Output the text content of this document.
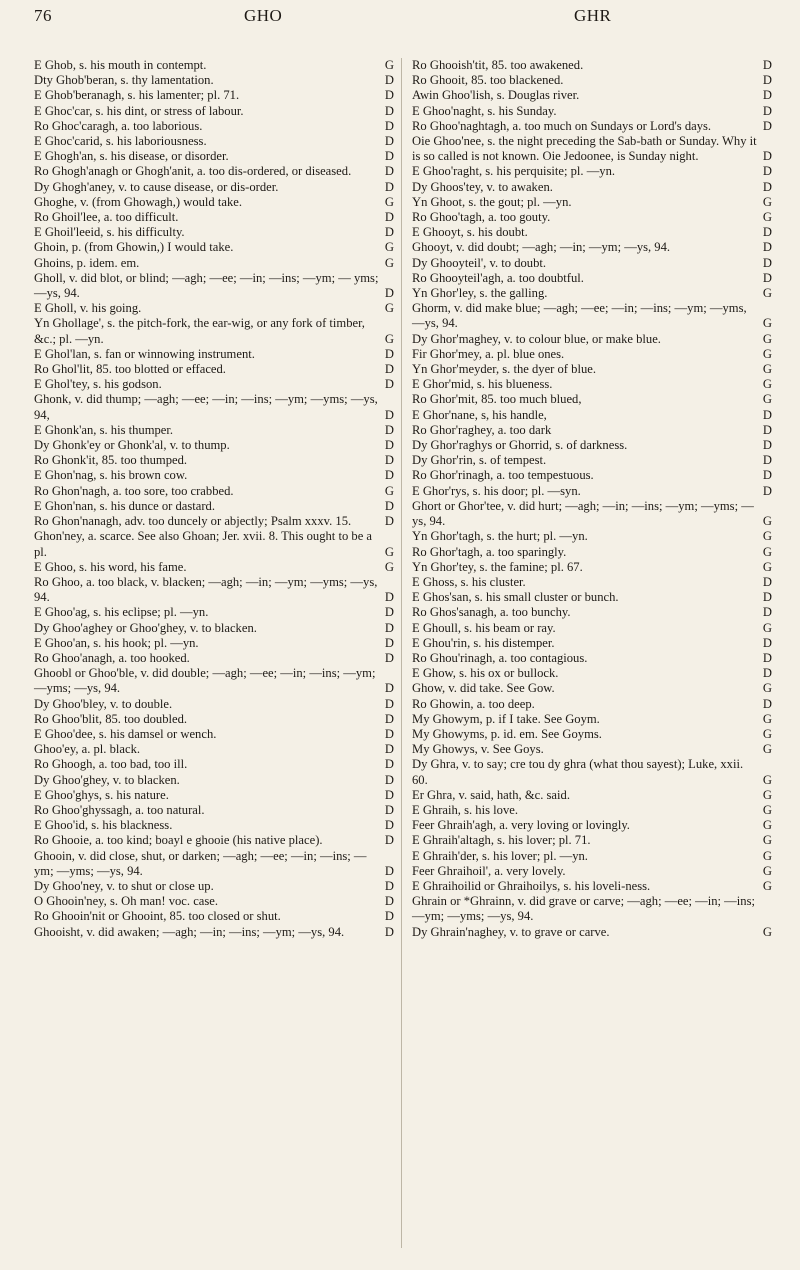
76	GHO	GHR
E Ghob, s. his mouth in contempt.	G
Dty Ghob'beran, s. thy lamentation.	D
E Ghob'beranagh, s. his lamenter; pl. 71.	D
E Ghoc'car, s. his dint, or stress of labour.	D
Ro Ghoc'caragh, a. too laborious.	D
E Ghoc'carid, s. his laboriousness.	D
E Ghogh'an, s. his disease, or disorder.	D
Ro Ghogh'anagh or Ghogh'anit, a. too dis-ordered, or diseased.	D
Dy Ghogh'aney, v. to cause disease, or dis-order.	D
Ghoghe, v. (from Ghowagh,) would take.	G
Ro Ghoil'lee, a. too difficult.	D
E Ghoil'leeid, s. his difficulty.	D
Ghoin, p. (from Ghowin,) I would take.	G
Ghoins, p. idem. em.	G
Gholl, v. did blot, or blind; —agh; —ee; —in; —ins; —ym; — yms; —ys, 94.	D
E Gholl, v. his going.	G
Yn Ghollage', s. the pitch-fork, the ear-wig, or any fork of timber, &c.; pl. —yn.	G
E Ghol'lan, s. fan or winnowing instrument.	D
Ro Ghol'lit, 85. too blotted or effaced.	D
E Ghol'tey, s. his godson.	D
Ghonk, v. did thump; —agh; —ee; —in; —ins; —ym; —yms; —ys, 94,	D
E Ghonk'an, s. his thumper.	D
Dy Ghonk'ey or Ghonk'al, v. to thump.	D
Ro Ghonk'it, 85. too thumped.	D
E Ghon'nag, s. his brown cow.	D
Ro Ghon'nagh, a. too sore, too crabbed.	G
E Ghon'nan, s. his dunce or dastard.	D
Ro Ghon'nanagh, adv. too duncely or abjectly; Psalm xxxv. 15.	D
Ghon'ney, a. scarce. See also Ghoan; Jer. xvii. 8. This ought to be a pl.	G
E Ghoo, s. his word, his fame.	G
Ro Ghoo, a. too black, v. blacken; —agh; —in; —ym; —yms; —ys, 94.	D
E Ghoo'ag, s. his eclipse; pl. —yn.	D
Dy Ghoo'aghey or Ghoo'ghey, v. to blacken.	D
E Ghoo'an, s. his hook; pl. —yn.	D
Ro Ghoo'anagh, a. too hooked.	D
Ghoobl or Ghoo'ble, v. did double; —agh; —ee; —in; —ins; —ym; —yms; —ys, 94.	D
Dy Ghoo'bley, v. to double.	D
Ro Ghoo'blit, 85. too doubled.	D
E Ghoo'dee, s. his damsel or wench.	D
Ghoo'ey, a. pl. black.	D
Ro Ghoogh, a. too bad, too ill.	D
Dy Ghoo'ghey, v. to blacken.	D
E Ghoo'ghys, s. his nature.	D
Ro Ghoo'ghyssagh, a. too natural.	D
E Ghoo'id, s. his blackness.	D
Ro Ghooie, a. too kind; boayl e ghooie (his native place).	D
Ghooin, v. did close, shut, or darken; —agh; —ee; —in; —ins; —ym; —yms; —ys, 94.	D
Dy Ghoo'ney, v. to shut or close up.	D
O Ghooin'ney, s. Oh man! voc. case.	D
Ro Ghooin'nit or Ghooint, 85. too closed or shut.	D
Ghooisht, v. did awaken; —agh; —in; —ins; —ym; —ys, 94.	D
Ro Ghooish'tit, 85. too awakened.	D
Ro Ghooit, 85. too blackened.	D
Awin Ghoo'lish, s. Douglas river.	D
E Ghoo'naght, s. his Sunday.	D
Ro Ghoo'naghtagh, a. too much on Sundays or Lord's days.	D
Oie Ghoo'nee, s. the night preceding the Sab-bath or Sunday. Why it is so called is not known. Oie Jedoonee, is Sunday night.	D
E Ghoo'raght, s. his perquisite; pl. —yn.	D
Dy Ghoos'tey, v. to awaken.	D
Yn Ghoot, s. the gout; pl. —yn.	G
Ro Ghoo'tagh, a. too gouty.	G
E Ghooyt, s. his doubt.	D
Ghooyt, v. did doubt; —agh; —in; —ym; —ys, 94.	D
Dy Ghooyteil', v. to doubt.	D
Ro Ghooyteil'agh, a. too doubtful.	D
Yn Ghor'ley, s. the galling.	G
Ghorm, v. did make blue; —agh; —ee; —in; —ins; —ym; —yms, —ys, 94.	G
Dy Ghor'maghey, v. to colour blue, or make blue.	G
Fir Ghor'mey, a. pl. blue ones.	G
Yn Ghor'meyder, s. the dyer of blue.	G
E Ghor'mid, s. his blueness.	G
Ro Ghor'mit, 85. too much blued,	G
E Ghor'nane, s, his handle,	D
Ro Ghor'raghey, a. too dark	D
Dy Ghor'raghys or Ghorrid, s. of darkness.	D
Dy Ghor'rin, s. of tempest.	D
Ro Ghor'rinagh, a. too tempestuous.	D
E Ghor'rys, s. his door; pl. —syn.	D
Ghort or Ghor'tee, v. did hurt; —agh; —in; —ins; —ym; —yms; —ys, 94.	G
Yn Ghor'tagh, s. the hurt; pl. —yn.	G
Ro Ghor'tagh, a. too sparingly.	G
Yn Ghor'tey, s. the famine; pl. 67.	G
E Ghoss, s. his cluster.	D
E Ghos'san, s. his small cluster or bunch.	D
Ro Ghos'sanagh, a. too bunchy.	D
E Ghoull, s. his beam or ray.	G
E Ghou'rin, s. his distemper.	D
Ro Ghou'rinagh, a. too contagious.	D
E Ghow, s. his ox or bullock.	D
Ghow, v. did take. See Gow.	G
Ro Ghowin, a. too deep.	D
My Ghowym, p. if I take. See Goym.	G
My Ghowyms, p. id. em. See Goyms.	G
My Ghowys, v. See Goys.	G
Dy Ghra, v. to say; cre tou dy ghra (what thou sayest); Luke, xxii. 60.	G
Er Ghra, v. said, hath, &c. said.	G
E Ghraih, s. his love.	G
Feer Ghraih'agh, a. very loving or lovingly.	G
E Ghraih'altagh, s. his lover; pl. 71.	G
E Ghraih'der, s. his lover; pl. —yn.	G
Feer Ghraihoil', a. very lovely.	G
E Ghraihoilid or Ghraihoilys, s. his loveli-ness.	G
Ghrain or *Ghrainn, v. did grave or carve; —agh; —ee; —in; —ins; —ym; —yms; —ys, 94.
Dy Ghrain'naghey, v. to grave or carve.	G
